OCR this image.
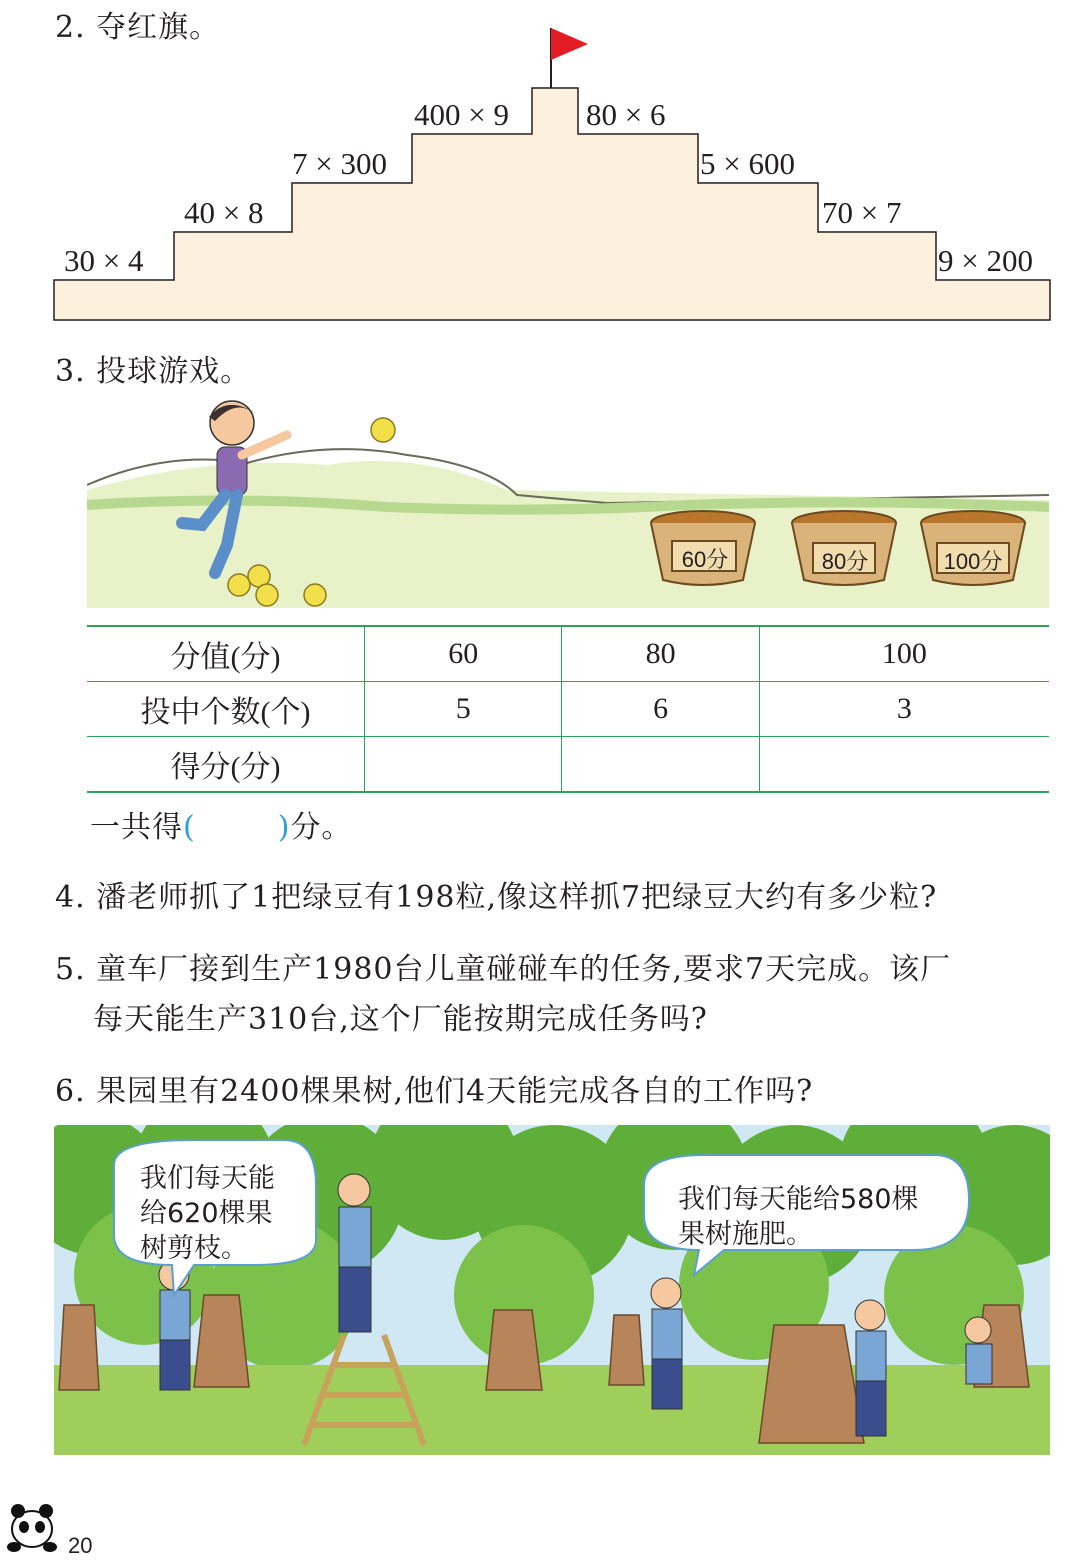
2. 夺红旗。
30 × 4
40 × 8
7 × 300
400 × 9 80 × 6
5 × 600
70 × 7
9 × 200
3. 投球游戏。
60分	80分	100分
分值(分)	60	80	100
投中个数(个)	5	6	3
得分(分)			
一共得(	)分。
4. 潘老师抓了1把绿豆有198粒,像这样抓7把绿豆大约有多少粒?
5. 童车厂接到生产1980台儿童碰碰车的任务,要求7天完成。该厂
每天能生产310台,这个厂能按期完成任务吗?
6. 果园里有2400棵果树,他们4天能完成各自的工作吗?
我们每天能
给620棵果
树剪枝。
我们每天能给580棵
果树施肥。
20
